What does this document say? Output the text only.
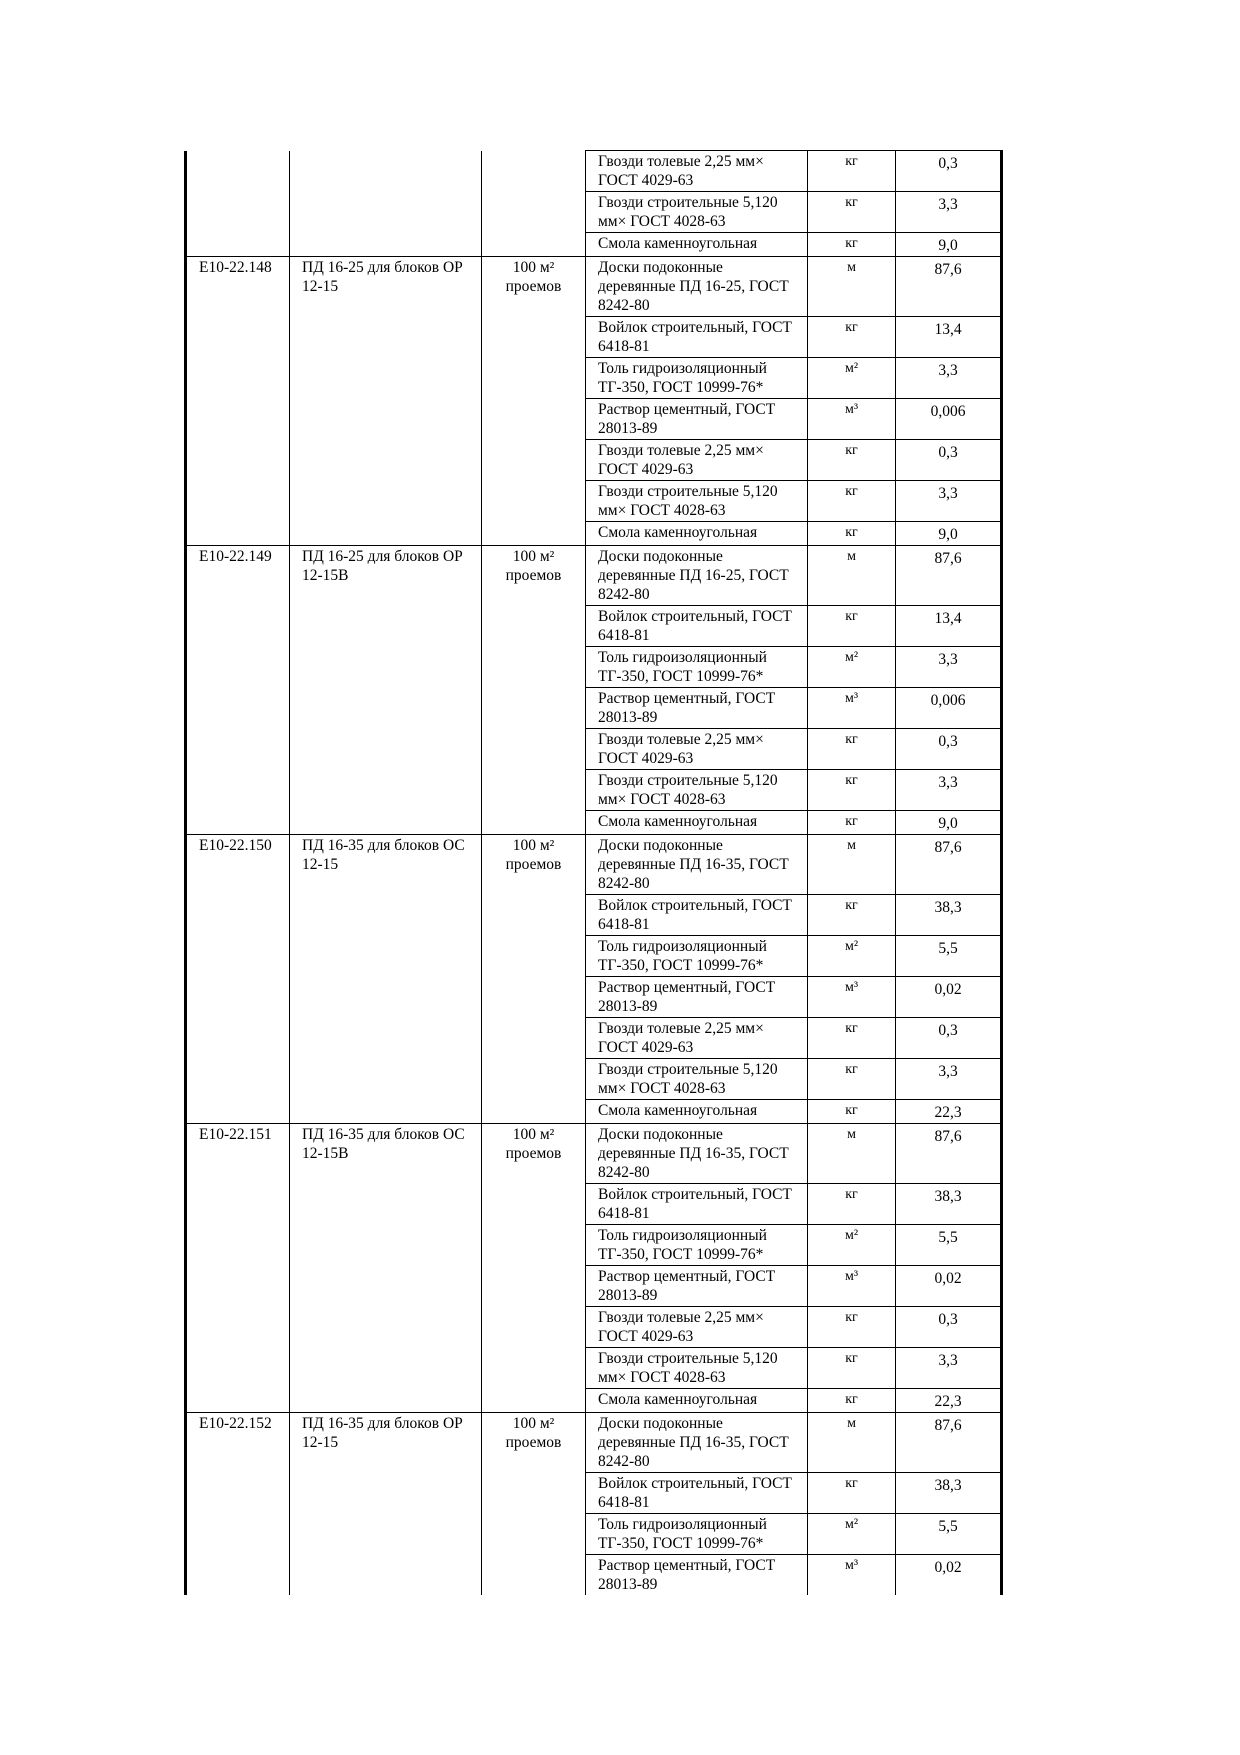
			Гвозди толевые 2,25 мм× ГОСТ 4029-63	кг	0,3
			Гвозди строительные 5,120 мм× ГОСТ 4028-63	кг	3,3
			Смола каменноугольная	кг	9,0
Е10-22.148	ПД 16-25 для блоков ОР 12-15	100 м² проемов	Доски подоконные деревянные ПД 16-25, ГОСТ 8242-80	м	87,6
			Войлок строительный, ГОСТ 6418-81	кг	13,4
			Толь гидроизоляционный ТГ-350, ГОСТ 10999-76*	м²	3,3
			Раствор цементный, ГОСТ 28013-89	м³	0,006
			Гвозди толевые 2,25 мм× ГОСТ 4029-63	кг	0,3
			Гвозди строительные 5,120 мм× ГОСТ 4028-63	кг	3,3
			Смола каменноугольная	кг	9,0
Е10-22.149	ПД 16-25 для блоков ОР 12-15В	100 м² проемов	Доски подоконные деревянные ПД 16-25, ГОСТ 8242-80	м	87,6
			Войлок строительный, ГОСТ 6418-81	кг	13,4
			Толь гидроизоляционный ТГ-350, ГОСТ 10999-76*	м²	3,3
			Раствор цементный, ГОСТ 28013-89	м³	0,006
			Гвозди толевые 2,25 мм× ГОСТ 4029-63	кг	0,3
			Гвозди строительные 5,120 мм× ГОСТ 4028-63	кг	3,3
			Смола каменноугольная	кг	9,0
Е10-22.150	ПД 16-35 для блоков ОС 12-15	100 м² проемов	Доски подоконные деревянные ПД 16-35, ГОСТ 8242-80	м	87,6
			Войлок строительный, ГОСТ 6418-81	кг	38,3
			Толь гидроизоляционный ТГ-350, ГОСТ 10999-76*	м²	5,5
			Раствор цементный, ГОСТ 28013-89	м³	0,02
			Гвозди толевые 2,25 мм× ГОСТ 4029-63	кг	0,3
			Гвозди строительные 5,120 мм× ГОСТ 4028-63	кг	3,3
			Смола каменноугольная	кг	22,3
Е10-22.151	ПД 16-35 для блоков ОС 12-15В	100 м² проемов	Доски подоконные деревянные ПД 16-35, ГОСТ 8242-80	м	87,6
			Войлок строительный, ГОСТ 6418-81	кг	38,3
			Толь гидроизоляционный ТГ-350, ГОСТ 10999-76*	м²	5,5
			Раствор цементный, ГОСТ 28013-89	м³	0,02
			Гвозди толевые 2,25 мм× ГОСТ 4029-63	кг	0,3
			Гвозди строительные 5,120 мм× ГОСТ 4028-63	кг	3,3
			Смола каменноугольная	кг	22,3
Е10-22.152	ПД 16-35 для блоков ОР 12-15	100 м² проемов	Доски подоконные деревянные ПД 16-35, ГОСТ 8242-80	м	87,6
			Войлок строительный, ГОСТ 6418-81	кг	38,3
			Толь гидроизоляционный ТГ-350, ГОСТ 10999-76*	м²	5,5
			Раствор цементный, ГОСТ 28013-89	м³	0,02
